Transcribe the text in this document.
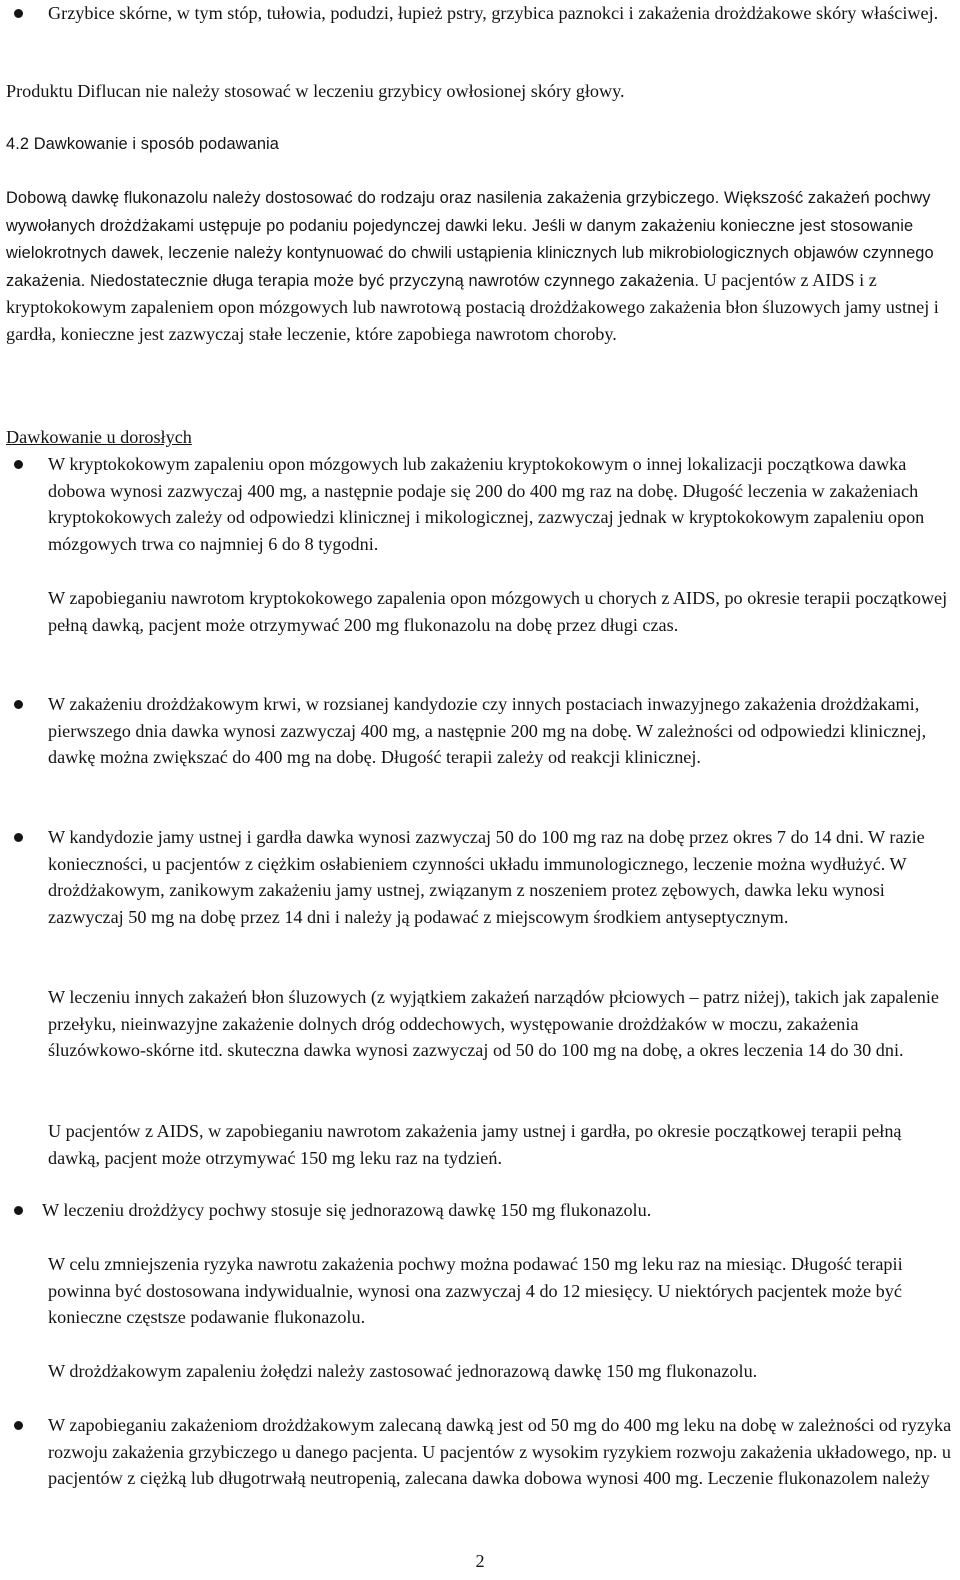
Grzybice skórne, w tym stóp, tułowia, podudzi, łupież pstry, grzybica paznokci i zakażenia drożdżakowe skóry właściwej.

Produktu Diflucan nie należy stosować w leczeniu grzybicy owłosionej skóry głowy.

4.2 Dawkowanie i sposób podawania

Dobową dawkę flukonazolu należy dostosować do rodzaju oraz nasilenia zakażenia grzybiczego. Większość zakażeń pochwy wywołanych drożdżakami ustępuje po podaniu pojedynczej dawki leku. Jeśli w danym zakażeniu konieczne jest stosowanie wielokrotnych dawek, leczenie należy kontynuować do chwili ustąpienia klinicznych lub mikrobiologicznych objawów czynnego zakażenia. Niedostatecznie długa terapia może być przyczyną nawrotów czynnego zakażenia. U pacjentów z AIDS i z kryptokokowym zapaleniem opon mózgowych lub nawrotową postacią drożdżakowego zakażenia błon śluzowych jamy ustnej i gardła, konieczne jest zazwyczaj stałe leczenie, które zapobiega nawrotom choroby.

Dawkowanie u dorosłych

W kryptokokowym zapaleniu opon mózgowych lub zakażeniu kryptokokowym o innej lokalizacji początkowa dawka dobowa wynosi zazwyczaj 400 mg, a następnie podaje się 200 do 400 mg raz na dobę. Długość leczenia w zakażeniach kryptokokowych zależy od odpowiedzi klinicznej i mikologicznej, zazwyczaj jednak w kryptokokowym zapaleniu opon mózgowych trwa co najmniej 6 do 8 tygodni.

W zapobieganiu nawrotom kryptokokowego zapalenia opon mózgowych u chorych z AIDS, po okresie terapii początkowej pełną dawką, pacjent może otrzymywać 200 mg flukonazolu na dobę przez długi czas.

W zakażeniu drożdżakowym krwi, w rozsianej kandydozie czy innych postaciach inwazyjnego zakażenia drożdżakami, pierwszego dnia dawka wynosi zazwyczaj 400 mg, a następnie 200 mg na dobę. W zależności od odpowiedzi klinicznej, dawkę można zwiększać do 400 mg na dobę. Długość terapii zależy od reakcji klinicznej.

W kandydozie jamy ustnej i gardła dawka wynosi zazwyczaj 50 do 100 mg raz na dobę przez okres 7 do 14 dni. W razie konieczności, u pacjentów z ciężkim osłabieniem czynności układu immunologicznego, leczenie można wydłużyć. W drożdżakowym, zanikowym zakażeniu jamy ustnej, związanym z noszeniem protez zębowych, dawka leku wynosi zazwyczaj 50 mg na dobę przez 14 dni i należy ją podawać z miejscowym środkiem antyseptycznym.

W leczeniu innych zakażeń błon śluzowych (z wyjątkiem zakażeń narządów płciowych – patrz niżej), takich jak zapalenie przełyku, nieinwazyjne zakażenie dolnych dróg oddechowych, występowanie drożdżaków w moczu, zakażenia śluzówkowo-skórne itd. skuteczna dawka wynosi zazwyczaj od 50 do 100 mg na dobę, a okres leczenia 14 do 30 dni.

U pacjentów z AIDS, w zapobieganiu nawrotom zakażenia jamy ustnej i gardła, po okresie początkowej terapii pełną dawką, pacjent może otrzymywać 150 mg leku raz na tydzień.

W leczeniu drożdżycy pochwy stosuje się jednorazową dawkę 150 mg flukonazolu.

W celu zmniejszenia ryzyka nawrotu zakażenia pochwy można podawać 150 mg leku raz na miesiąc. Długość terapii powinna być dostosowana indywidualnie, wynosi ona zazwyczaj 4 do 12 miesięcy. U niektórych pacjentek może być konieczne częstsze podawanie flukonazolu.

W drożdżakowym zapaleniu żołędzi należy zastosować jednorazową dawkę 150 mg flukonazolu.

W zapobieganiu zakażeniom drożdżakowym zalecaną dawką jest od 50 mg do 400 mg leku na dobę w zależności od ryzyka rozwoju zakażenia grzybiczego u danego pacjenta. U pacjentów z wysokim ryzykiem rozwoju zakażenia układowego, np. u pacjentów z ciężką lub długotrwałą neutropenią, zalecana dawka dobowa wynosi 400 mg. Leczenie flukonazolem należy

2
